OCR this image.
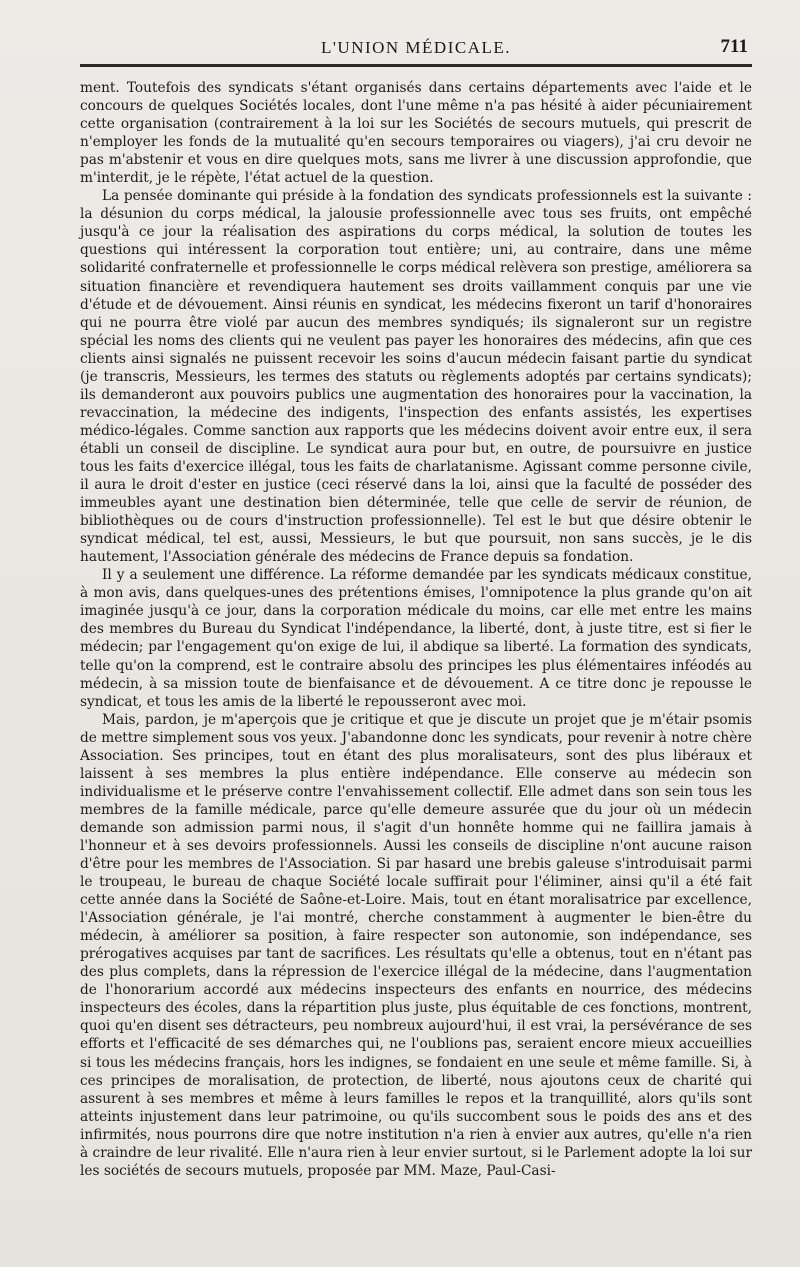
L'UNION MÉDICALE.	711

ment. Toutefois des syndicats s'étant organisés dans certains départements avec l'aide et le concours de quelques Sociétés locales, dont l'une même n'a pas hésité à aider pécuniairement cette organisation (contrairement à la loi sur les Sociétés de secours mutuels, qui prescrit de n'employer les fonds de la mutualité qu'en secours temporaires ou viagers), j'ai cru devoir ne pas m'abstenir et vous en dire quelques mots, sans me livrer à une discussion approfondie, que m'interdit, je le répète, l'état actuel de la question.

La pensée dominante qui préside à la fondation des syndicats professionnels est la suivante : la désunion du corps médical, la jalousie professionnelle avec tous ses fruits, ont empêché jusqu'à ce jour la réalisation des aspirations du corps médical, la solution de toutes les questions qui intéressent la corporation tout entière; uni, au contraire, dans une même solidarité confraternelle et professionnelle le corps médical relèvera son prestige, améliorera sa situation financière et revendiquera hautement ses droits vaillamment conquis par une vie d'étude et de dévouement. Ainsi réunis en syndicat, les médecins fixeront un tarif d'honoraires qui ne pourra être violé par aucun des membres syndiqués; ils signaleront sur un registre spécial les noms des clients qui ne veulent pas payer les honoraires des médecins, afin que ces clients ainsi signalés ne puissent recevoir les soins d'aucun médecin faisant partie du syndicat (je transcris, Messieurs, les termes des statuts ou règlements adoptés par certains syndicats); ils demanderont aux pouvoirs publics une augmentation des honoraires pour la vaccination, la revaccination, la médecine des indigents, l'inspection des enfants assistés, les expertises médico-légales. Comme sanction aux rapports que les médecins doivent avoir entre eux, il sera établi un conseil de discipline. Le syndicat aura pour but, en outre, de poursuivre en justice tous les faits d'exercice illégal, tous les faits de charlatanisme. Agissant comme personne civile, il aura le droit d'ester en justice (ceci réservé dans la loi, ainsi que la faculté de posséder des immeubles ayant une destination bien déterminée, telle que celle de servir de réunion, de bibliothèques ou de cours d'instruction professionnelle). Tel est le but que désire obtenir le syndicat médical, tel est, aussi, Messieurs, le but que poursuit, non sans succès, je le dis hautement, l'Association générale des médecins de France depuis sa fondation.

Il y a seulement une différence. La réforme demandée par les syndicats médicaux constitue, à mon avis, dans quelques-unes des prétentions émises, l'omnipotence la plus grande qu'on ait imaginée jusqu'à ce jour, dans la corporation médicale du moins, car elle met entre les mains des membres du Bureau du Syndicat l'indépendance, la liberté, dont, à juste titre, est si fier le médecin; par l'engagement qu'on exige de lui, il abdique sa liberté. La formation des syndicats, telle qu'on la comprend, est le contraire absolu des principes les plus élémentaires inféodés au médecin, à sa mission toute de bienfaisance et de dévouement. A ce titre donc je repousse le syndicat, et tous les amis de la liberté le repousseront avec moi.

Mais, pardon, je m'aperçois que je critique et que je discute un projet que je m'étair psomis de mettre simplement sous vos yeux. J'abandonne donc les syndicats, pour revenir à notre chère Association. Ses principes, tout en étant des plus moralisateurs, sont des plus libéraux et laissent à ses membres la plus entière indépendance. Elle conserve au médecin son individualisme et le préserve contre l'envahissement collectif. Elle admet dans son sein tous les membres de la famille médicale, parce qu'elle demeure assurée que du jour où un médecin demande son admission parmi nous, il s'agit d'un honnête homme qui ne faillira jamais à l'honneur et à ses devoirs professionnels. Aussi les conseils de discipline n'ont aucune raison d'être pour les membres de l'Association. Si par hasard une brebis galeuse s'introduisait parmi le troupeau, le bureau de chaque Société locale suffirait pour l'éliminer, ainsi qu'il a été fait cette année dans la Société de Saône-et-Loire. Mais, tout en étant moralisatrice par excellence, l'Association générale, je l'ai montré, cherche constamment à augmenter le bien-être du médecin, à améliorer sa position, à faire respecter son autonomie, son indépendance, ses prérogatives acquises par tant de sacrifices. Les résultats qu'elle a obtenus, tout en n'étant pas des plus complets, dans la répression de l'exercice illégal de la médecine, dans l'augmentation de l'honorarium accordé aux médecins inspecteurs des enfants en nourrice, des médecins inspecteurs des écoles, dans la répartition plus juste, plus équitable de ces fonctions, montrent, quoi qu'en disent ses détracteurs, peu nombreux aujourd'hui, il est vrai, la persévérance de ses efforts et l'efficacité de ses démarches qui, ne l'oublions pas, seraient encore mieux accueillies si tous les médecins français, hors les indignes, se fondaient en une seule et même famille. Si, à ces principes de moralisation, de protection, de liberté, nous ajoutons ceux de charité qui assurent à ses membres et même à leurs familles le repos et la tranquillité, alors qu'ils sont atteints injustement dans leur patrimoine, ou qu'ils succombent sous le poids des ans et des infirmités, nous pourrons dire que notre institution n'a rien à envier aux autres, qu'elle n'a rien à craindre de leur rivalité. Elle n'aura rien à leur envier surtout, si le Parlement adopte la loi sur les sociétés de secours mutuels, proposée par MM. Maze, Paul-Casi-
